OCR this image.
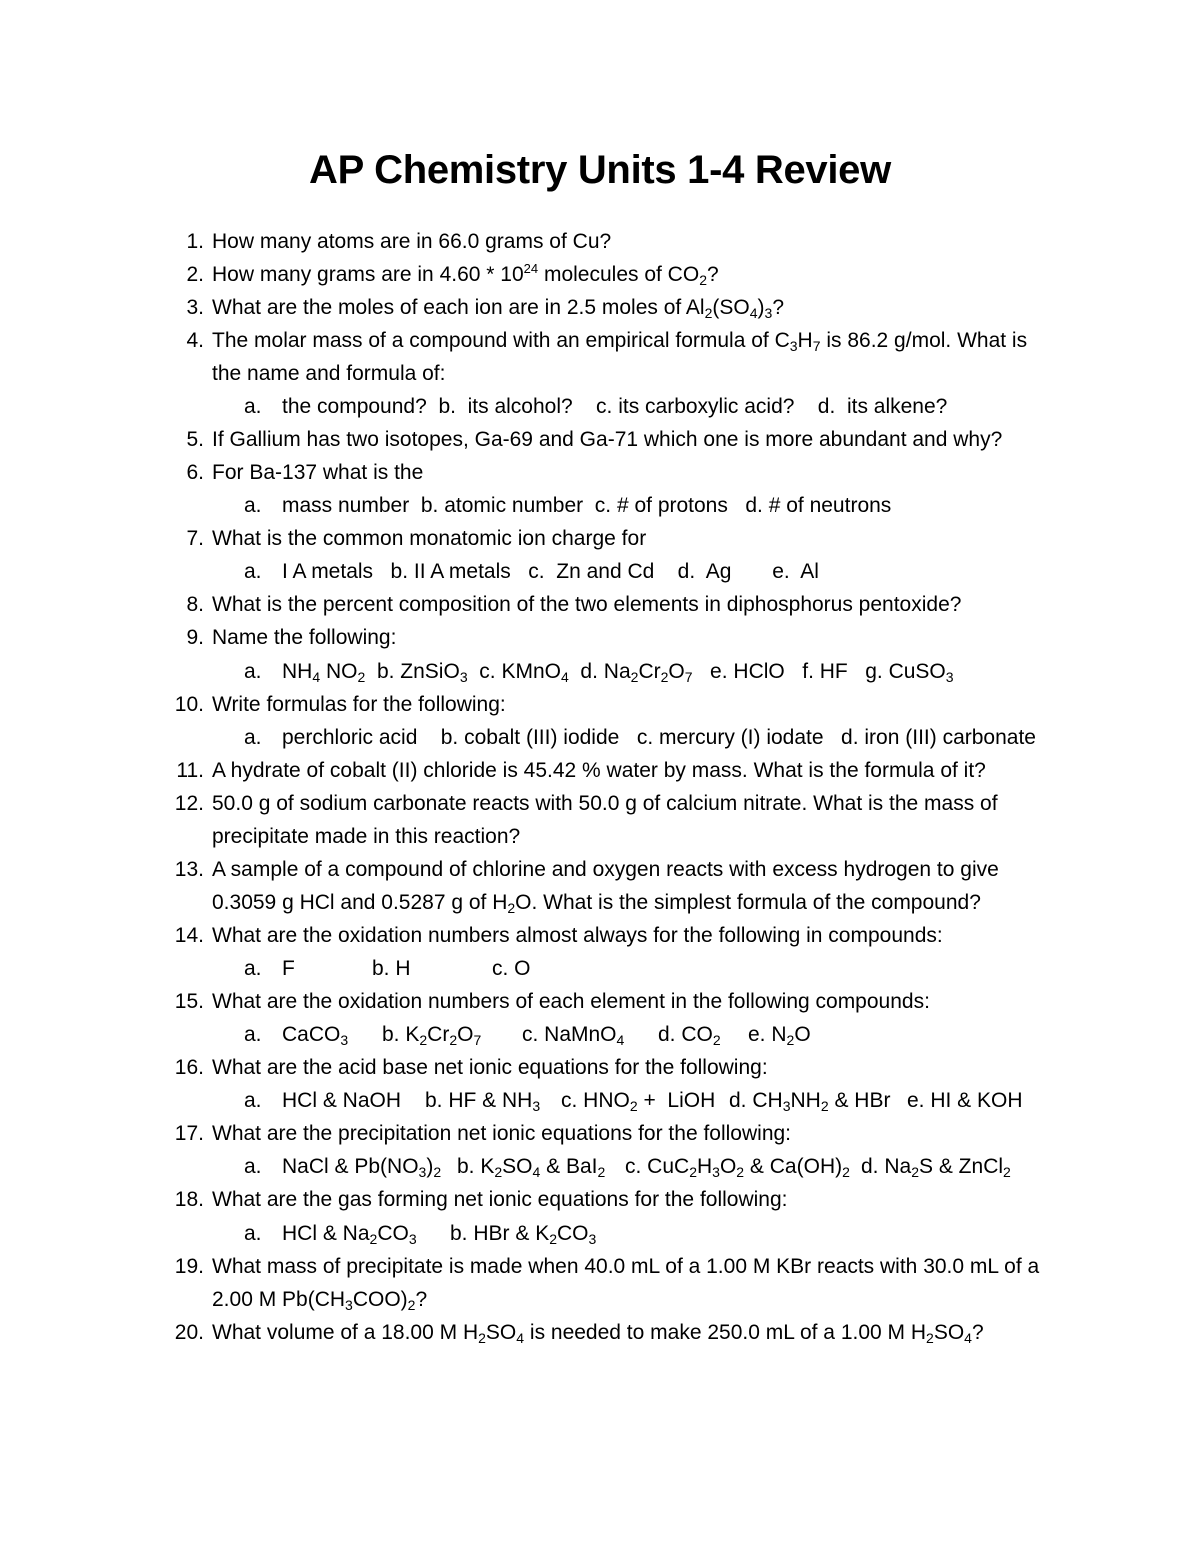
AP Chemistry Units 1-4 Review
1. How many atoms are in 66.0 grams of Cu?
2. How many grams are in $4.60 * 10^{24}$ molecules of $CO_2$?
3. What are the moles of each ion are in 2.5 moles of $Al_2(SO_4)_3$?
4. The molar mass of a compound with an empirical formula of $C_3H_7$ is 86.2 g/mol. What is
the name and formula of:
a. the compound?  b.  its alcohol?    c. its carboxylic acid?    d.  its alkene?
5. If Gallium has two isotopes, Ga-69 and Ga-71 which one is more abundant and why?
6. For Ba-137 what is the
a. mass number  b. atomic number  c. # of protons   d. # of neutrons
7. What is the common monatomic ion charge for
a. I A metals   b. II A metals   c.  Zn and Cd    d.  Ag       e.  Al
8. What is the percent composition of the two elements in diphosphorus pentoxide?
9. Name the following:
a. $NH_4$ $NO_2$  b. ZnSiO$_3$  c. KMnO$_4$  d. $Na_2Cr_2O_7$   e. HClO   f. HF   g. CuSO$_3$
10. Write formulas for the following:
a. perchloric acid    b. cobalt (III) iodide   c. mercury (I) iodate   d. iron (III) carbonate
11. A hydrate of cobalt (II) chloride is 45.42 % water by mass. What is the formula of it?
12. 50.0 g of sodium carbonate reacts with 50.0 g of calcium nitrate. What is the mass of
precipitate made in this reaction?
13. A sample of a compound of chlorine and oxygen reacts with excess hydrogen to give
0.3059 g HCl and 0.5287 g of $H_2O$. What is the simplest formula of the compound?
14. What are the oxidation numbers almost always for the following in compounds:
a. F	b. H	c. O
15. What are the oxidation numbers of each element in the following compounds:
a. CaCO$_3$ b. $K_2Cr_2O_7$ c. NaMnO$_4$ d. $CO_2$ e. $N_2O$
16. What are the acid base net ionic equations for the following:
a. HCl & NaOH b. HF & $NH_3$ c. $HNO_2$ +  LiOH d. $CH_3NH_2$ & HBr e. HI & KOH
17. What are the precipitation net ionic equations for the following:
a. NaCl & $Pb(NO_3)_2$ b. $K_2SO_4$ & BaI$_2$ c. $CuC_2H_3O_2$ & $Ca(OH)_2$ d. $Na_2S$ & ZnCl$_2$
18. What are the gas forming net ionic equations for the following:
a. HCl & $Na_2CO_3$ b. HBr & $K_2CO_3$
19. What mass of precipitate is made when 40.0 mL of a 1.00 M KBr reacts with 30.0 mL of a
2.00 M $Pb(CH_3COO)_2$?
20. What volume of a 18.00 M $H_2SO_4$ is needed to make 250.0 mL of a 1.00 M $H_2SO_4$?
